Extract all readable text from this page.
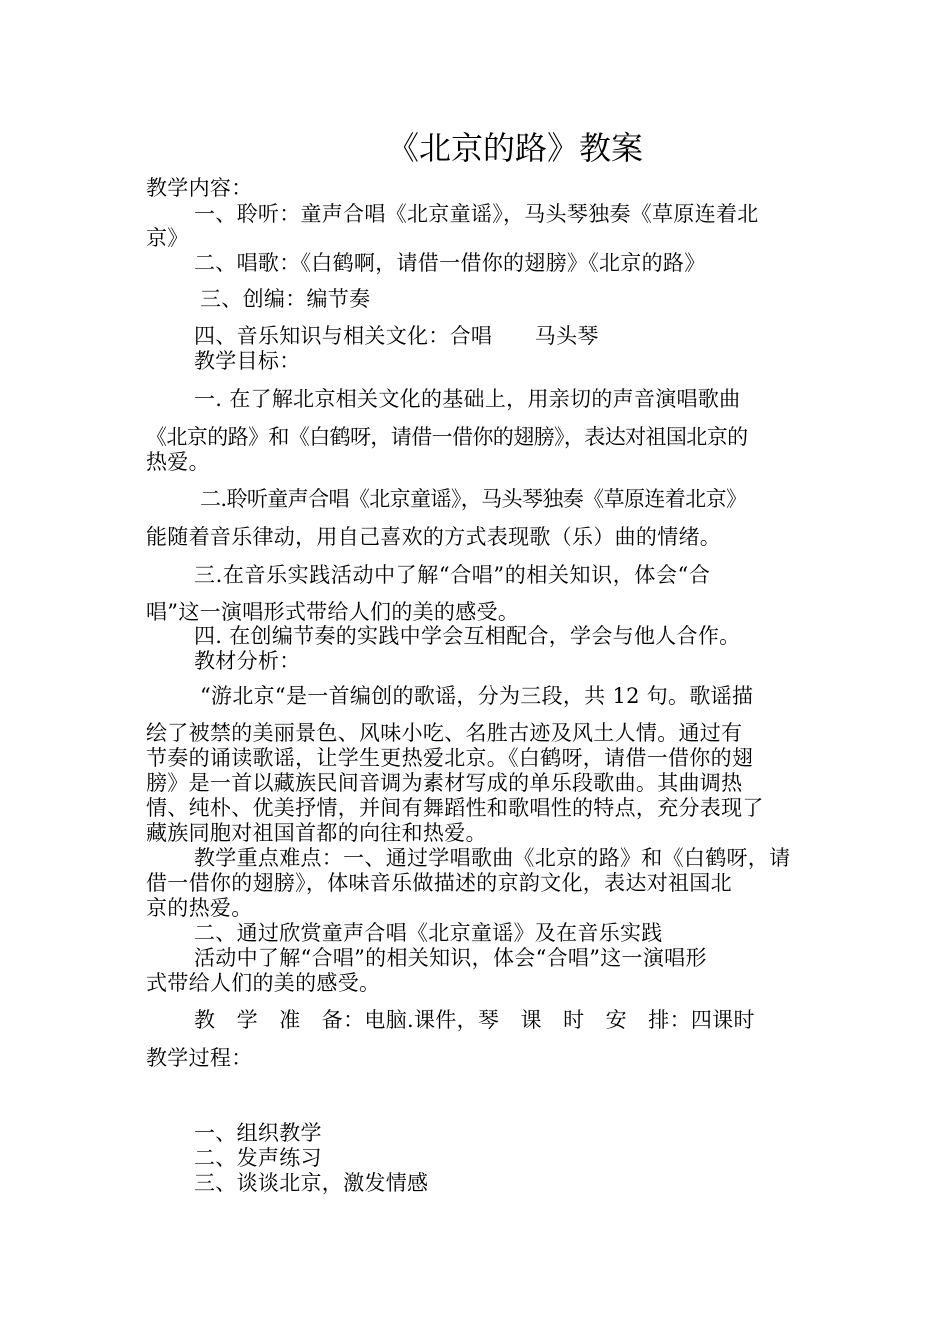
《北京的路》教案
教学内容：
一、聆听：童声合唱《北京童谣》，马头琴独奏《草原连着北
京》
二、唱歌：《白鹤啊，请借一借你的翅膀》《北京的路》
三、创编：编节奏
四、音乐知识与相关文化：合唱　　马头琴
教学目标：
一. 在了解北京相关文化的基础上，用亲切的声音演唱歌曲
《北京的路》和《白鹤呀，请借一借你的翅膀》，表达对祖国北京的
热爱。
二.聆听童声合唱《北京童谣》，马头琴独奏《草原连着北京》
能随着音乐律动，用自己喜欢的方式表现歌（乐）曲的情绪。
三.在音乐实践活动中了解“合唱”的相关知识，体会“合
唱”这一演唱形式带给人们的美的感受。
四. 在创编节奏的实践中学会互相配合，学会与他人合作。
教材分析：
“游北京“是一首编创的歌谣，分为三段，共 12 句。歌谣描
绘了被禁的美丽景色、风味小吃、名胜古迹及风土人情。通过有
节奏的诵读歌谣，让学生更热爱北京。《白鹤呀，请借一借你的翅
膀》是一首以藏族民间音调为素材写成的单乐段歌曲。其曲调热
情、纯朴、优美抒情，并间有舞蹈性和歌唱性的特点，充分表现了
藏族同胞对祖国首都的向往和热爱。
教学重点难点：一、通过学唱歌曲《北京的路》和《白鹤呀，请
借一借你的翅膀》，体味音乐做描述的京韵文化，表达对祖国北
京的热爱。
二、通过欣赏童声合唱《北京童谣》及在音乐实践
活动中了解“合唱”的相关知识，体会“合唱”这一演唱形
式带给人们的美的感受。
教　学　准　备：电脑.课件，琴　课　时　安　排：四课时
教学过程：
一、组织教学
二、发声练习
三、谈谈北京，激发情感
